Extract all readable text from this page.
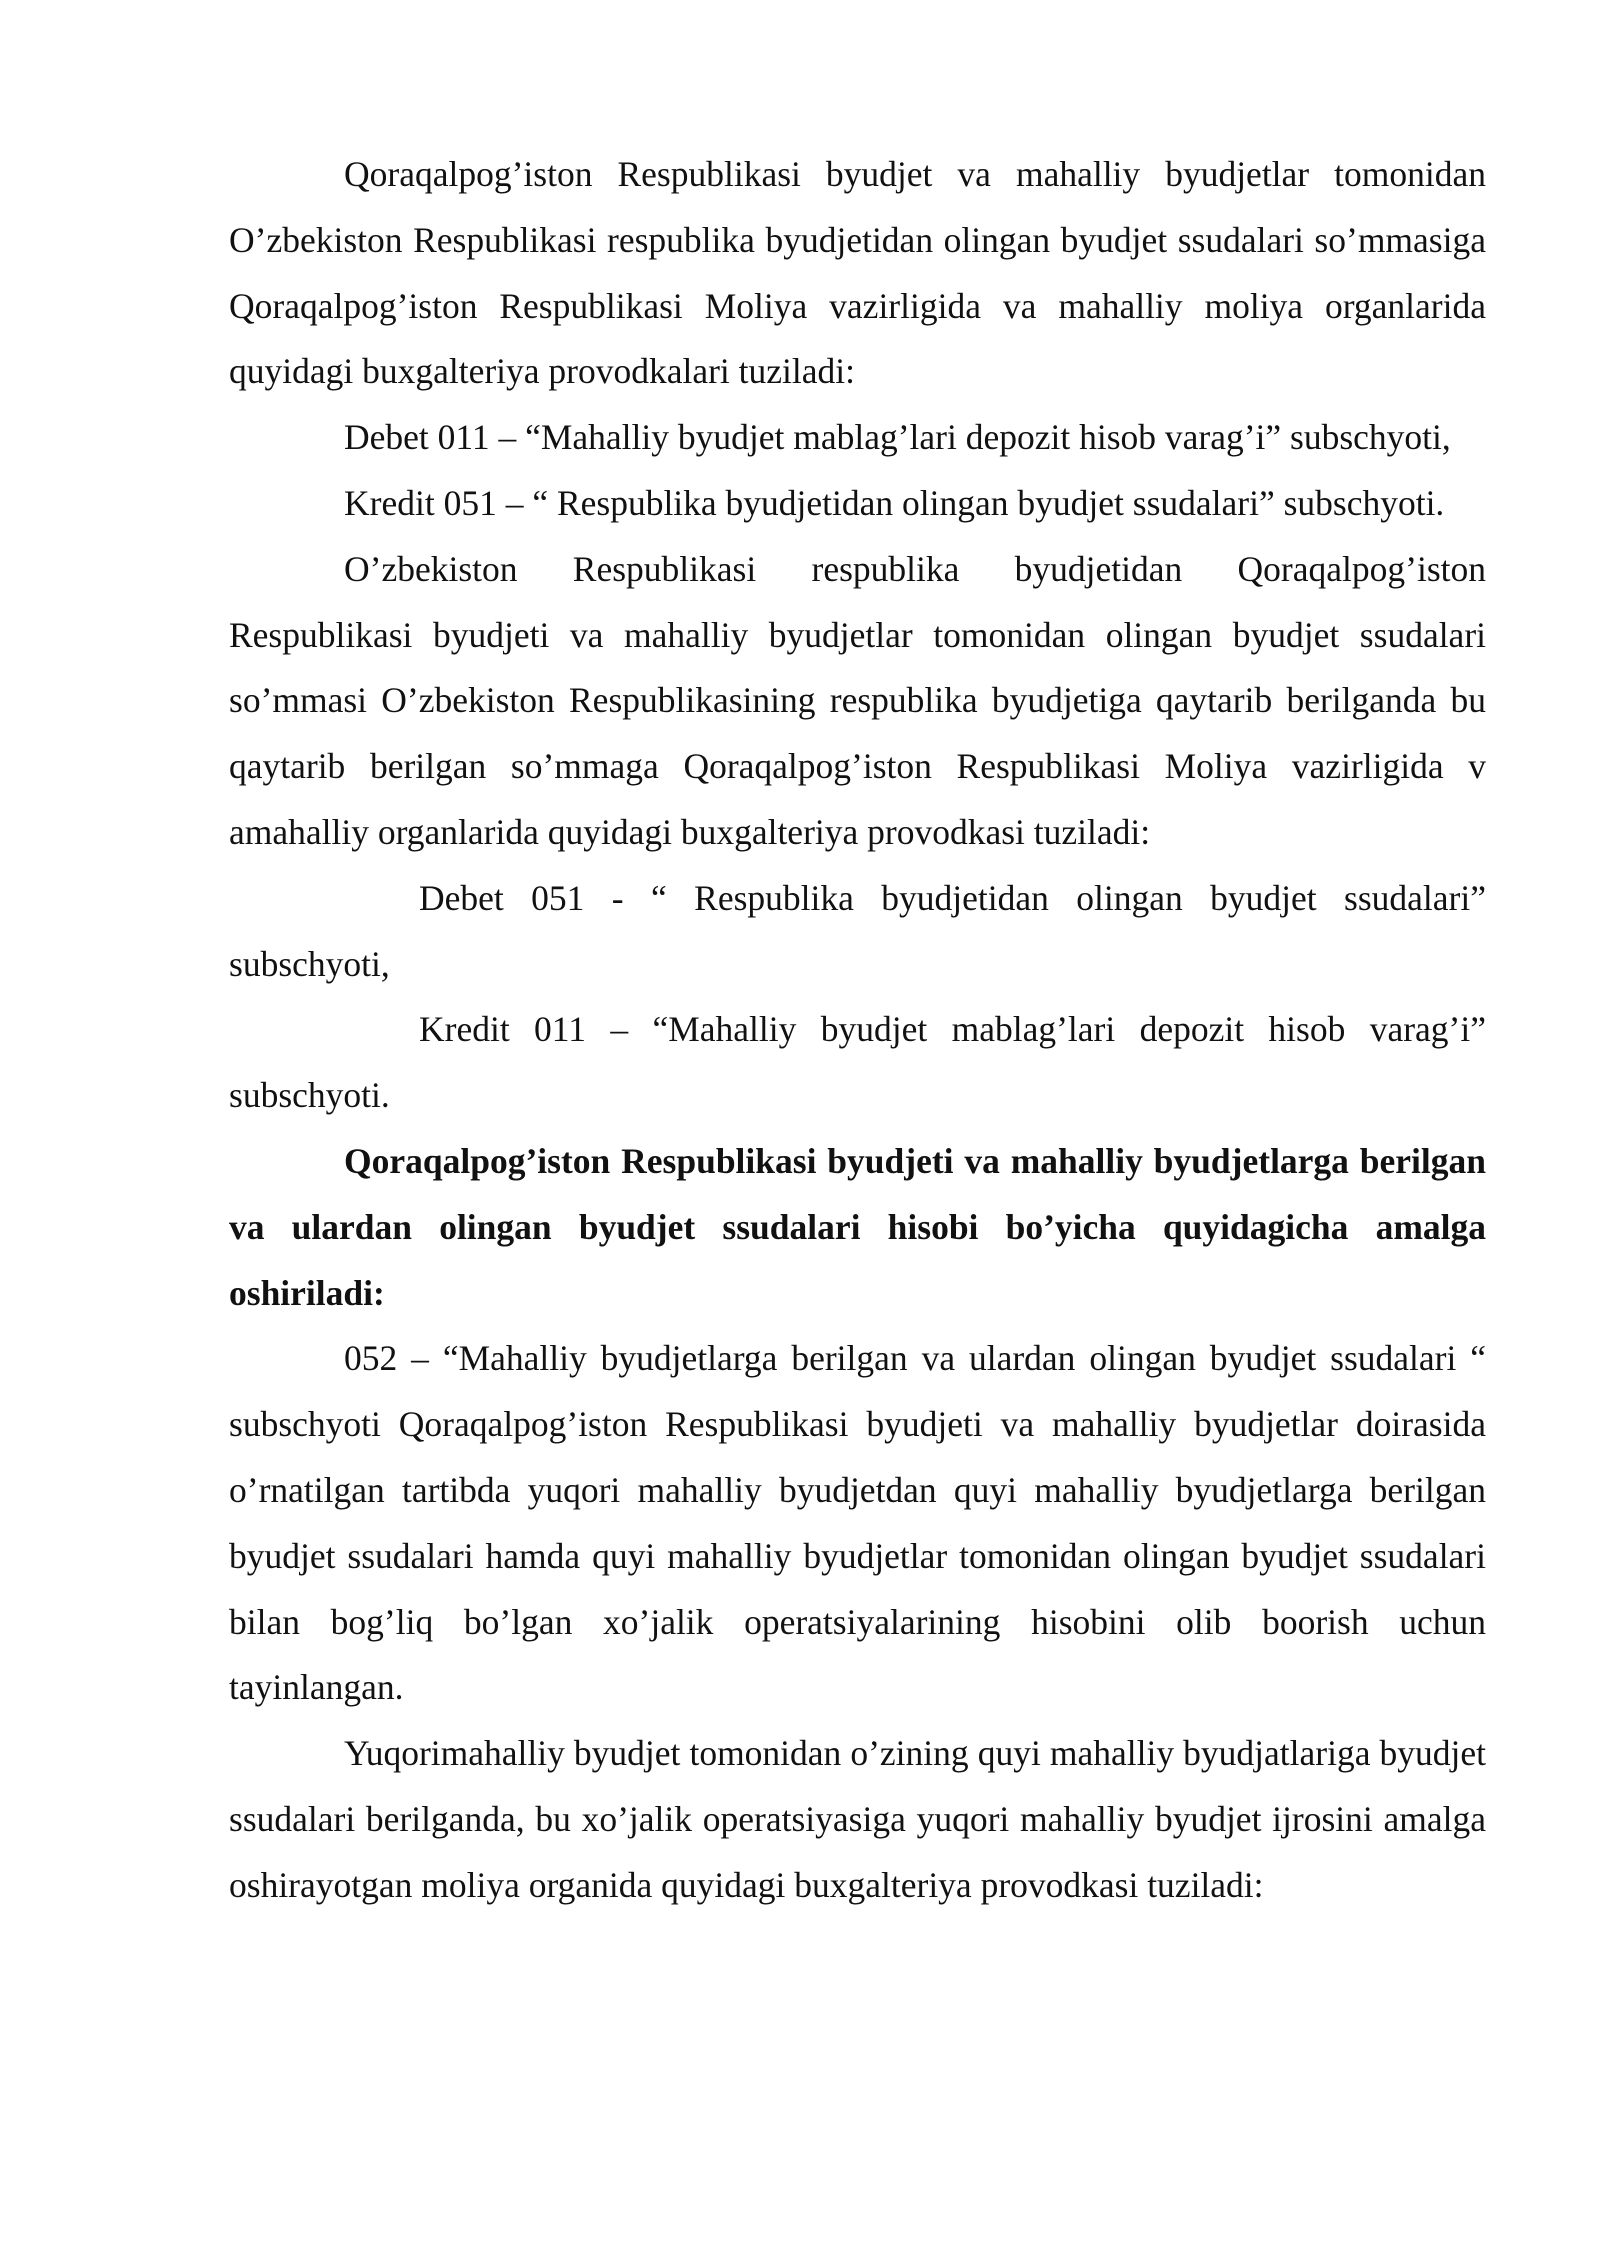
Qoraqalpog’iston Respublikasi byudjet va mahalliy byudjetlar tomonidan O’zbekiston Respublikasi respublika byudjetidan olingan byudjet ssudalari so’mmasiga Qoraqalpog’iston Respublikasi Moliya vazirligida va mahalliy moliya organlarida quyidagi buxgalteriya provodkalari tuziladi:

Debet 011 – “Mahalliy byudjet mablag’lari depozit hisob varag’i” subschyoti,

Kredit 051 – “ Respublika byudjetidan olingan byudjet ssudalari” subschyoti.

O’zbekiston Respublikasi respublika byudjetidan Qoraqalpog’iston Respublikasi byudjeti va mahalliy byudjetlar tomonidan olingan byudjet ssudalari so’mmasi O’zbekiston Respublikasining respublika byudjetiga qaytarib berilganda bu qaytarib berilgan so’mmaga Qoraqalpog’iston Respublikasi Moliya vazirligida v amahalliy organlarida quyidagi buxgalteriya provodkasi tuziladi:

Debet 051 - “ Respublika byudjetidan olingan byudjet ssudalari” subschyoti,

Kredit 011 – “Mahalliy byudjet mablag’lari depozit hisob varag’i” subschyoti.

Qoraqalpog’iston Respublikasi byudjeti va mahalliy byudjetlarga berilgan va ulardan olingan byudjet ssudalari hisobi bo’yicha quyidagicha amalga oshiriladi:

052 – “Mahalliy byudjetlarga berilgan va ulardan olingan byudjet ssudalari “ subschyoti Qoraqalpog’iston Respublikasi byudjeti va mahalliy byudjetlar doirasida o’rnatilgan tartibda yuqori mahalliy byudjetdan quyi mahalliy byudjetlarga berilgan byudjet ssudalari hamda quyi mahalliy byudjetlar tomonidan olingan byudjet ssudalari bilan bog’liq bo’lgan xo’jalik operatsiyalarining hisobini olib boorish uchun tayinlangan.

Yuqorimahalliy byudjet tomonidan o’zining quyi mahalliy byudjatlariga byudjet ssudalari berilganda, bu xo’jalik operatsiyasiga yuqori mahalliy byudjet ijrosini amalga oshirayotgan moliya organida quyidagi buxgalteriya provodkasi tuziladi:
